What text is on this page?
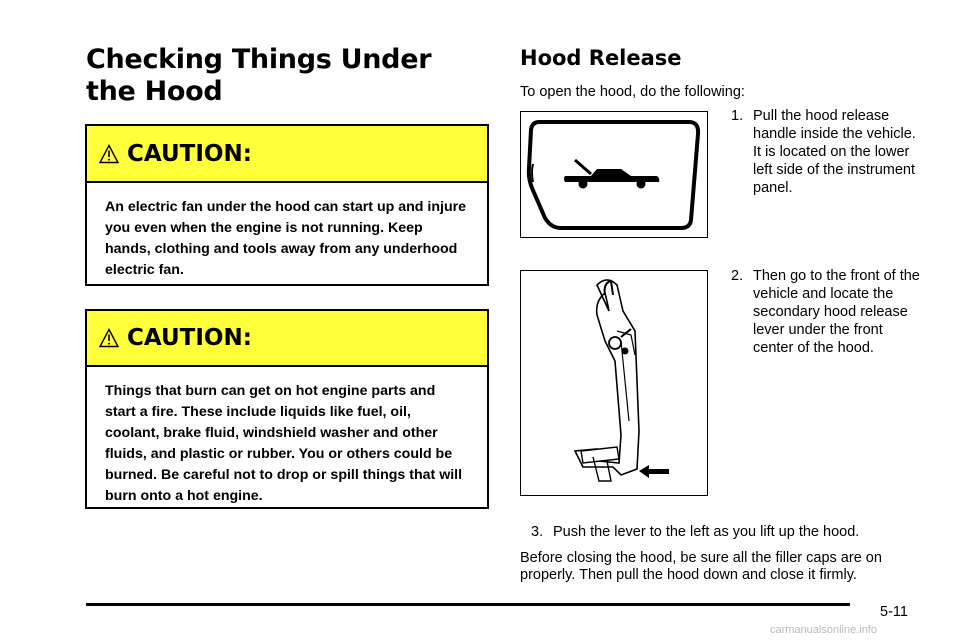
Checking Things Under
the Hood
CAUTION:
An electric fan under the hood can start up and injure you even when the engine is not running. Keep hands, clothing and tools away from any underhood electric fan.
CAUTION:
Things that burn can get on hot engine parts and start a fire. These include liquids like fuel, oil, coolant, brake fluid, windshield washer and other fluids, and plastic or rubber. You or others could be burned. Be careful not to drop or spill things that will burn onto a hot engine.
Hood Release
To open the hood, do the following:
1. Pull the hood release handle inside the vehicle. It is located on the lower left side of the instrument panel.
2. Then go to the front of the vehicle and locate the secondary hood release lever under the front center of the hood.
3. Push the lever to the left as you lift up the hood.
Before closing the hood, be sure all the filler caps are on properly. Then pull the hood down and close it firmly.
5-11
carmanualsonline.info
